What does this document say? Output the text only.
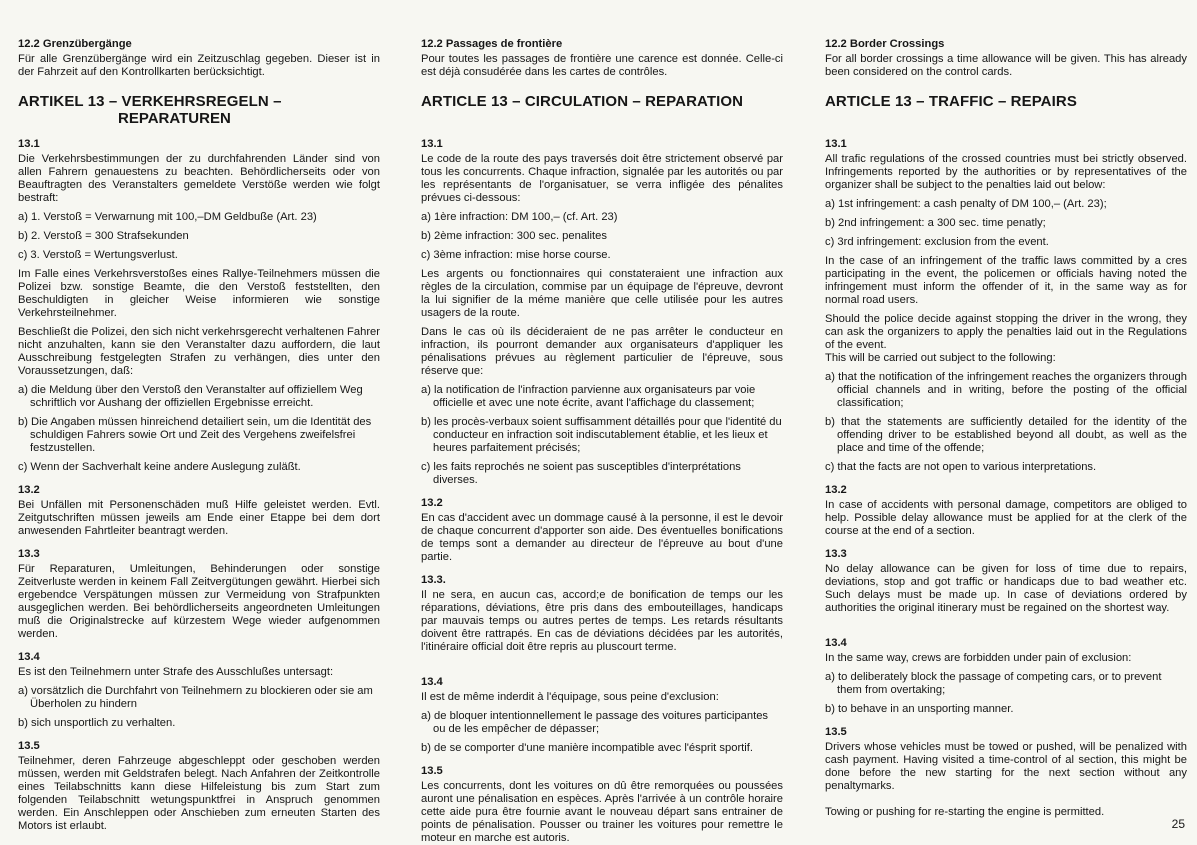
12.2 Grenzübergänge

Für alle Grenzübergänge wird ein Zeitzuschlag gegeben. Dieser ist in der Fahrzeit auf den Kontrollkarten berücksichtigt.

ARTIKEL 13 – VERKEHRSREGELN –
REPARATUREN
13.1

Die Verkehrsbestimmungen der zu durchfahrenden Länder sind von allen Fahrern genauestens zu beachten. Behördlicherseits oder von Beauftragten des Veranstalters gemeldete Verstöße werden wie folgt bestraft:

a) 1. Verstoß = Verwarnung mit 100,–DM Geldbuße (Art. 23)

b) 2. Verstoß = 300 Strafsekunden

c) 3. Verstoß = Wertungsverlust.

Im Falle eines Verkehrsverstoßes eines Rallye-Teilnehmers müssen die Polizei bzw. sonstige Beamte, die den Verstoß feststellten, den Beschuldigten in gleicher Weise informieren wie sonstige Verkehrsteilnehmer.

Beschließt die Polizei, den sich nicht verkehrsgerecht verhaltenen Fahrer nicht anzuhalten, kann sie den Veranstalter dazu auffordern, die laut Ausschreibung festgelegten Strafen zu verhängen, dies unter den Voraussetzungen, daß:

a) die Meldung über den Verstoß den Veranstalter auf offiziellem Weg schriftlich vor Aushang der offiziellen Ergebnisse erreicht.

b) Die Angaben müssen hinreichend detailiert sein, um die Identität des schuldigen Fahrers sowie Ort und Zeit des Vergehens zweifelsfrei festzustellen.

c) Wenn der Sachverhalt keine andere Auslegung zuläßt.

13.2

Bei Unfällen mit Personenschäden muß Hilfe geleistet werden. Evtl. Zeitgutschriften müssen jeweils am Ende einer Etappe bei dem dort anwesenden Fahrtleiter beantragt werden.

13.3

Für Reparaturen, Umleitungen, Behinderungen oder sonstige Zeitverluste werden in keinem Fall Zeitvergütungen gewährt. Hierbei sich ergebendce Verspätungen müssen zur Vermeidung von Strafpunkten ausgeglichen werden. Bei behördlicherseits angeordneten Umleitungen muß die Originalstrecke auf kürzestem Wege wieder aufgenommen werden.

13.4

Es ist den Teilnehmern unter Strafe des Ausschlußes untersagt:

a) vorsätzlich die Durchfahrt von Teilnehmern zu blockieren oder sie am Überholen zu hindern

b) sich unsportlich zu verhalten.

13.5

Teilnehmer, deren Fahrzeuge abgeschleppt oder geschoben werden müssen, werden mit Geldstrafen belegt. Nach Anfahren der Zeitkontrolle eines Teilabschnitts kann diese Hilfeleistung bis zum Start zum folgenden Teilabschnitt wetungspunktfrei in Anspruch genommen werden. Ein Anschleppen oder Anschieben zum erneuten Starten des Motors ist erlaubt.

12.2 Passages de frontière

Pour toutes les passages de frontière une carence est donnée. Celle-ci est déjà consudérée dans les cartes de contrôles.

ARTICLE 13 – CIRCULATION – REPARATION
13.1

Le code de la route des pays traversés doit être strictement observé par tous les concurrents. Chaque infraction, signalée par les autorités ou par les représentants de l'organisatuer, se verra infligée des pénalites prévues ci-dessous:

a) 1ère infraction: DM 100,– (cf. Art. 23)

b) 2ème infraction: 300 sec. penalites

c) 3ème infraction: mise horse course.

Les argents ou fonctionnaires qui constateraient une infraction aux règles de la circulation, commise par un équipage de l'épreuve, devront la lui signifier de la méme manière que celle utilisée pour les autres usagers de la route.

Dans le cas où ils décideraient de ne pas arrêter le conducteur en infraction, ils pourront demander aux organisateurs d'appliquer les pénalisations prévues au règlement particulier de l'épreuve, sous réserve que:

a) la notification de l'infraction parvienne aux organisateurs par voie officielle et avec une note écrite, avant l'affichage du classement;

b) les procès-verbaux soient suffisamment détaillés pour que l'identité du conducteur en infraction soit indiscutablement établie, et les lieux et heures parfaitement précisés;

c) les faits reprochés ne soient pas susceptibles d'interprétations diverses.

13.2

En cas d'accident avec un dommage causé à la personne, il est le devoir de chaque concurrent d'apporter son aide. Des éventuelles bonifications de temps sont a demander au directeur de l'épreuve au bout d'une partie.

13.3.

Il ne sera, en aucun cas, accord;e de bonification de temps our les réparations, déviations, être pris dans des embouteillages, handicaps par mauvais temps ou autres pertes de temps. Les retards résultants doivent être rattrapés. En cas de déviations décidées par les autorités, l'itinéraire official doit être repris au pluscourt terme.

13.4

Il est de même inderdit à l'équipage, sous peine d'exclusion:

a) de bloquer intentionnellement le passage des voitures participantes ou de les empêcher de dépasser;

b) de se comporter d'une manière incompatible avec l'ésprit sportif.

13.5

Les concurrents, dont les voitures on dû être remorquées ou poussées auront une pénalisation en espèces. Après l'arrivée à un contrôle horaire cette aide pura être fournie avant le nouveau départ sans entrainer de points de pénalisation. Pousser ou trainer les voitures pour remettre le moteur en marche est autoris.

12.2 Border Crossings

For all border crossings a time allowance will be given. This has already been considered on the control cards.

ARTICLE 13 – TRAFFIC – REPAIRS
13.1

All trafic regulations of the crossed countries must bei strictly observed. Infringements reported by the authorities or by representatives of the organizer shall be subject to the penalties laid out below:

a) 1st infringement: a cash penalty of DM 100,– (Art. 23);

b) 2nd infringement: a 300 sec. time penatly;

c) 3rd infringement: exclusion from the event.

In the case of an infringement of the traffic laws committed by a cres participating in the event, the policemen or officials having noted the infringement must inform the offender of it, in the same way as for normal road users.

Should the police decide against stopping the driver in the wrong, they can ask the organizers to apply the penalties laid out in the Regulations of the event.

This will be carried out subject to the following:

a) that the notification of the infringement reaches the organizers through official channels and in writing, before the posting of the official classification;

b) that the statements are sufficiently detailed for the identity of the offending driver to be established beyond all doubt, as well as the place and time of the offende;

c) that the facts are not open to various interpretations.

13.2

In case of accidents with personal damage, competitors are obliged to help. Possible delay allowance must be applied for at the clerk of the course at the end of a section.

13.3

No delay allowance can be given for loss of time due to repairs, deviations, stop and got traffic or handicaps due to bad weather etc. Such delays must be made up. In case of deviations ordered by authorities the original itinerary must be regained on the shortest way.

13.4

In the same way, crews are forbidden under pain of exclusion:

a) to deliberately block the passage of competing cars, or to prevent them from overtaking;

b) to behave in an unsporting manner.

13.5

Drivers whose vehicles must be towed or pushed, will be penalized with cash payment. Having visited a time-control of al section, this might be done before the new starting for the next section without any penaltymarks.

Towing or pushing for re-starting the engine is permitted.

25
